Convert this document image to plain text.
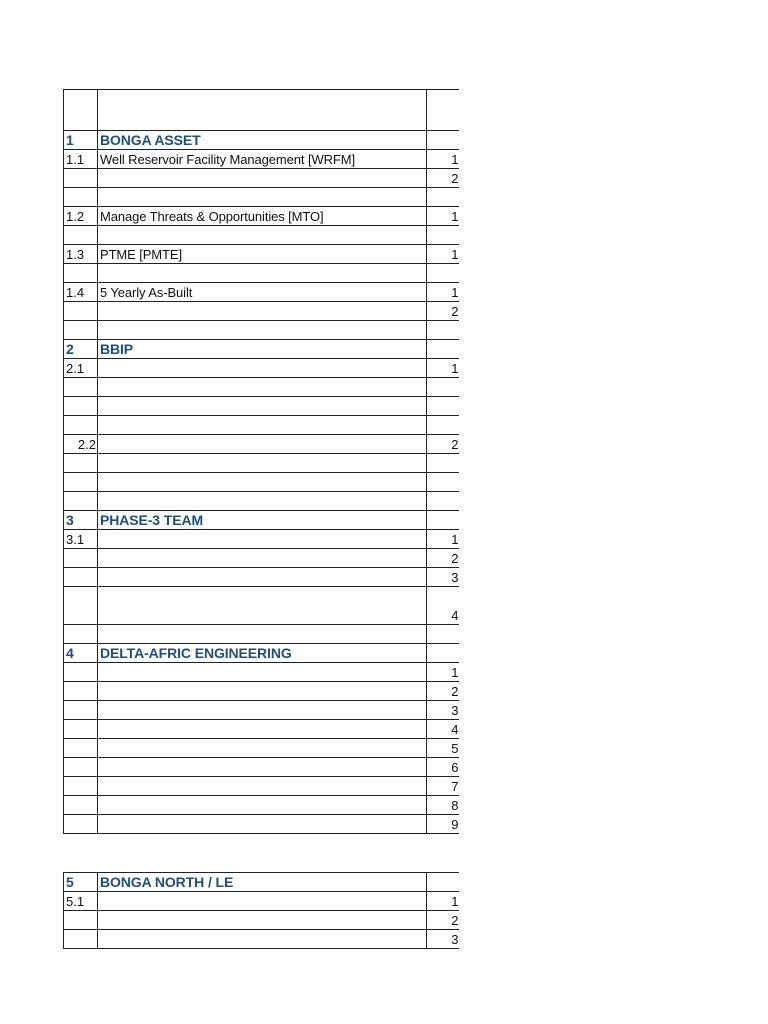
1	BONGA ASSET	
1.1	Well Reservoir Facility Management [WRFM]	1
		2

1.2	Manage Threats & Opportunities [MTO]	1

1.3	PTME [PMTE]	1

1.4	5 Yearly As-Built	1
		2

2	BBIP	
2.1		1

2.2		2

3	PHASE-3 TEAM	
3.1		1
		2
		3
		4

4	DELTA-AFRIC ENGINEERING	
		1
		2
		3
		4
		5
		6
		7
		8
		9
5	BONGA NORTH / LE	
5.1		1
		2
		3
